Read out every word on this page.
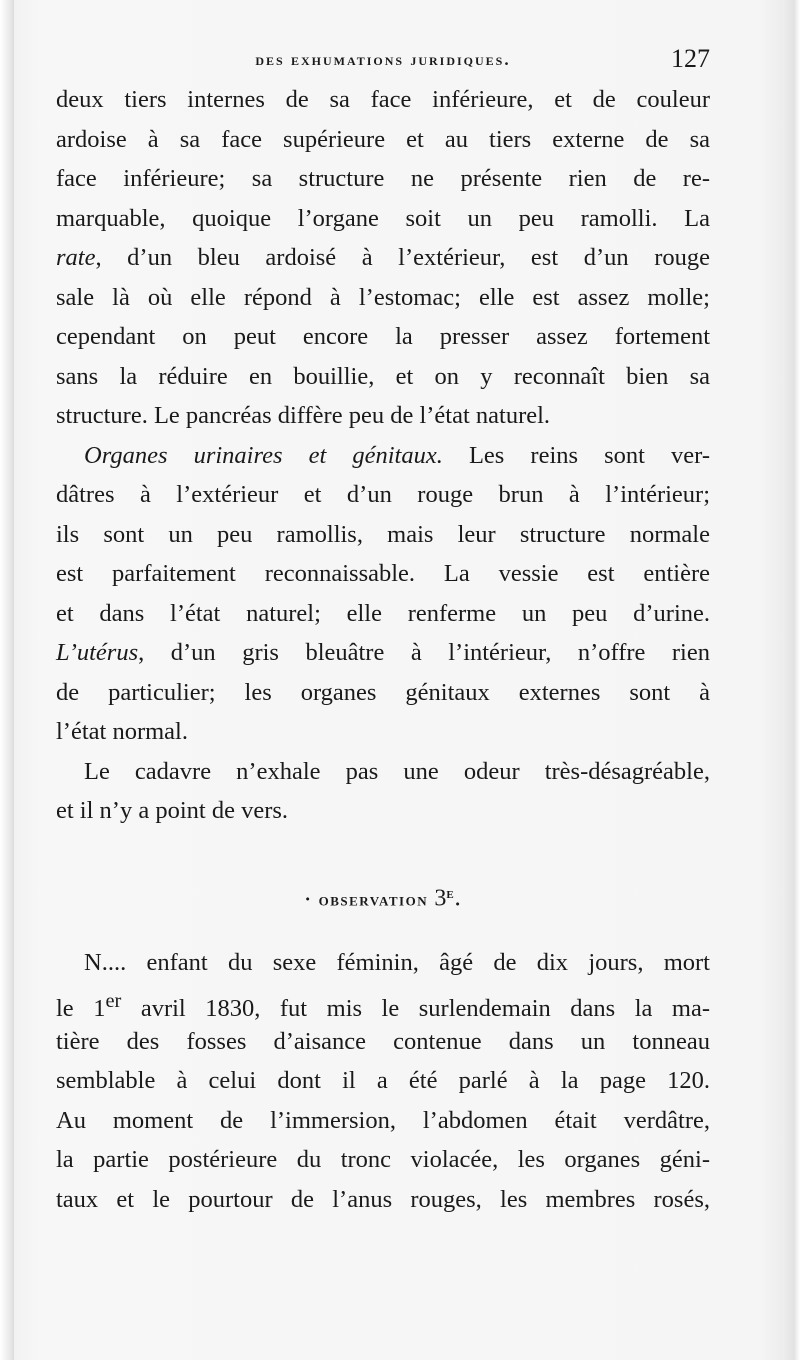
des exhumations juridiques.	127
deux tiers internes de sa face inférieure, et de couleur
ardoise à sa face supérieure et au tiers externe de sa
face inférieure; sa structure ne présente rien de re-
marquable, quoique l’organe soit un peu ramolli. La
rate, d’un bleu ardoisé à l’extérieur, est d’un rouge
sale là où elle répond à l’estomac; elle est assez molle;
cependant on peut encore la presser assez fortement
sans la réduire en bouillie, et on y reconnaît bien sa
structure. Le pancréas diffère peu de l’état naturel.
Organes urinaires et génitaux. Les reins sont ver-
dâtres à l’extérieur et d’un rouge brun à l’intérieur;
ils sont un peu ramollis, mais leur structure normale
est parfaitement reconnaissable. La vessie est entière
et dans l’état naturel; elle renferme un peu d’urine.
L’utérus, d’un gris bleuâtre à l’intérieur, n’offre rien
de particulier; les organes génitaux externes sont à
l’état normal.
Le cadavre n’exhale pas une odeur très-désagréable,
et il n’y a point de vers.
· observation 3e.
N.... enfant du sexe féminin, âgé de dix jours, mort
le 1er avril 1830, fut mis le surlendemain dans la ma-
tière des fosses d’aisance contenue dans un tonneau
semblable à celui dont il a été parlé à la page 120.
Au moment de l’immersion, l’abdomen était verdâtre,
la partie postérieure du tronc violacée, les organes géni-
taux et le pourtour de l’anus rouges, les membres rosés,
